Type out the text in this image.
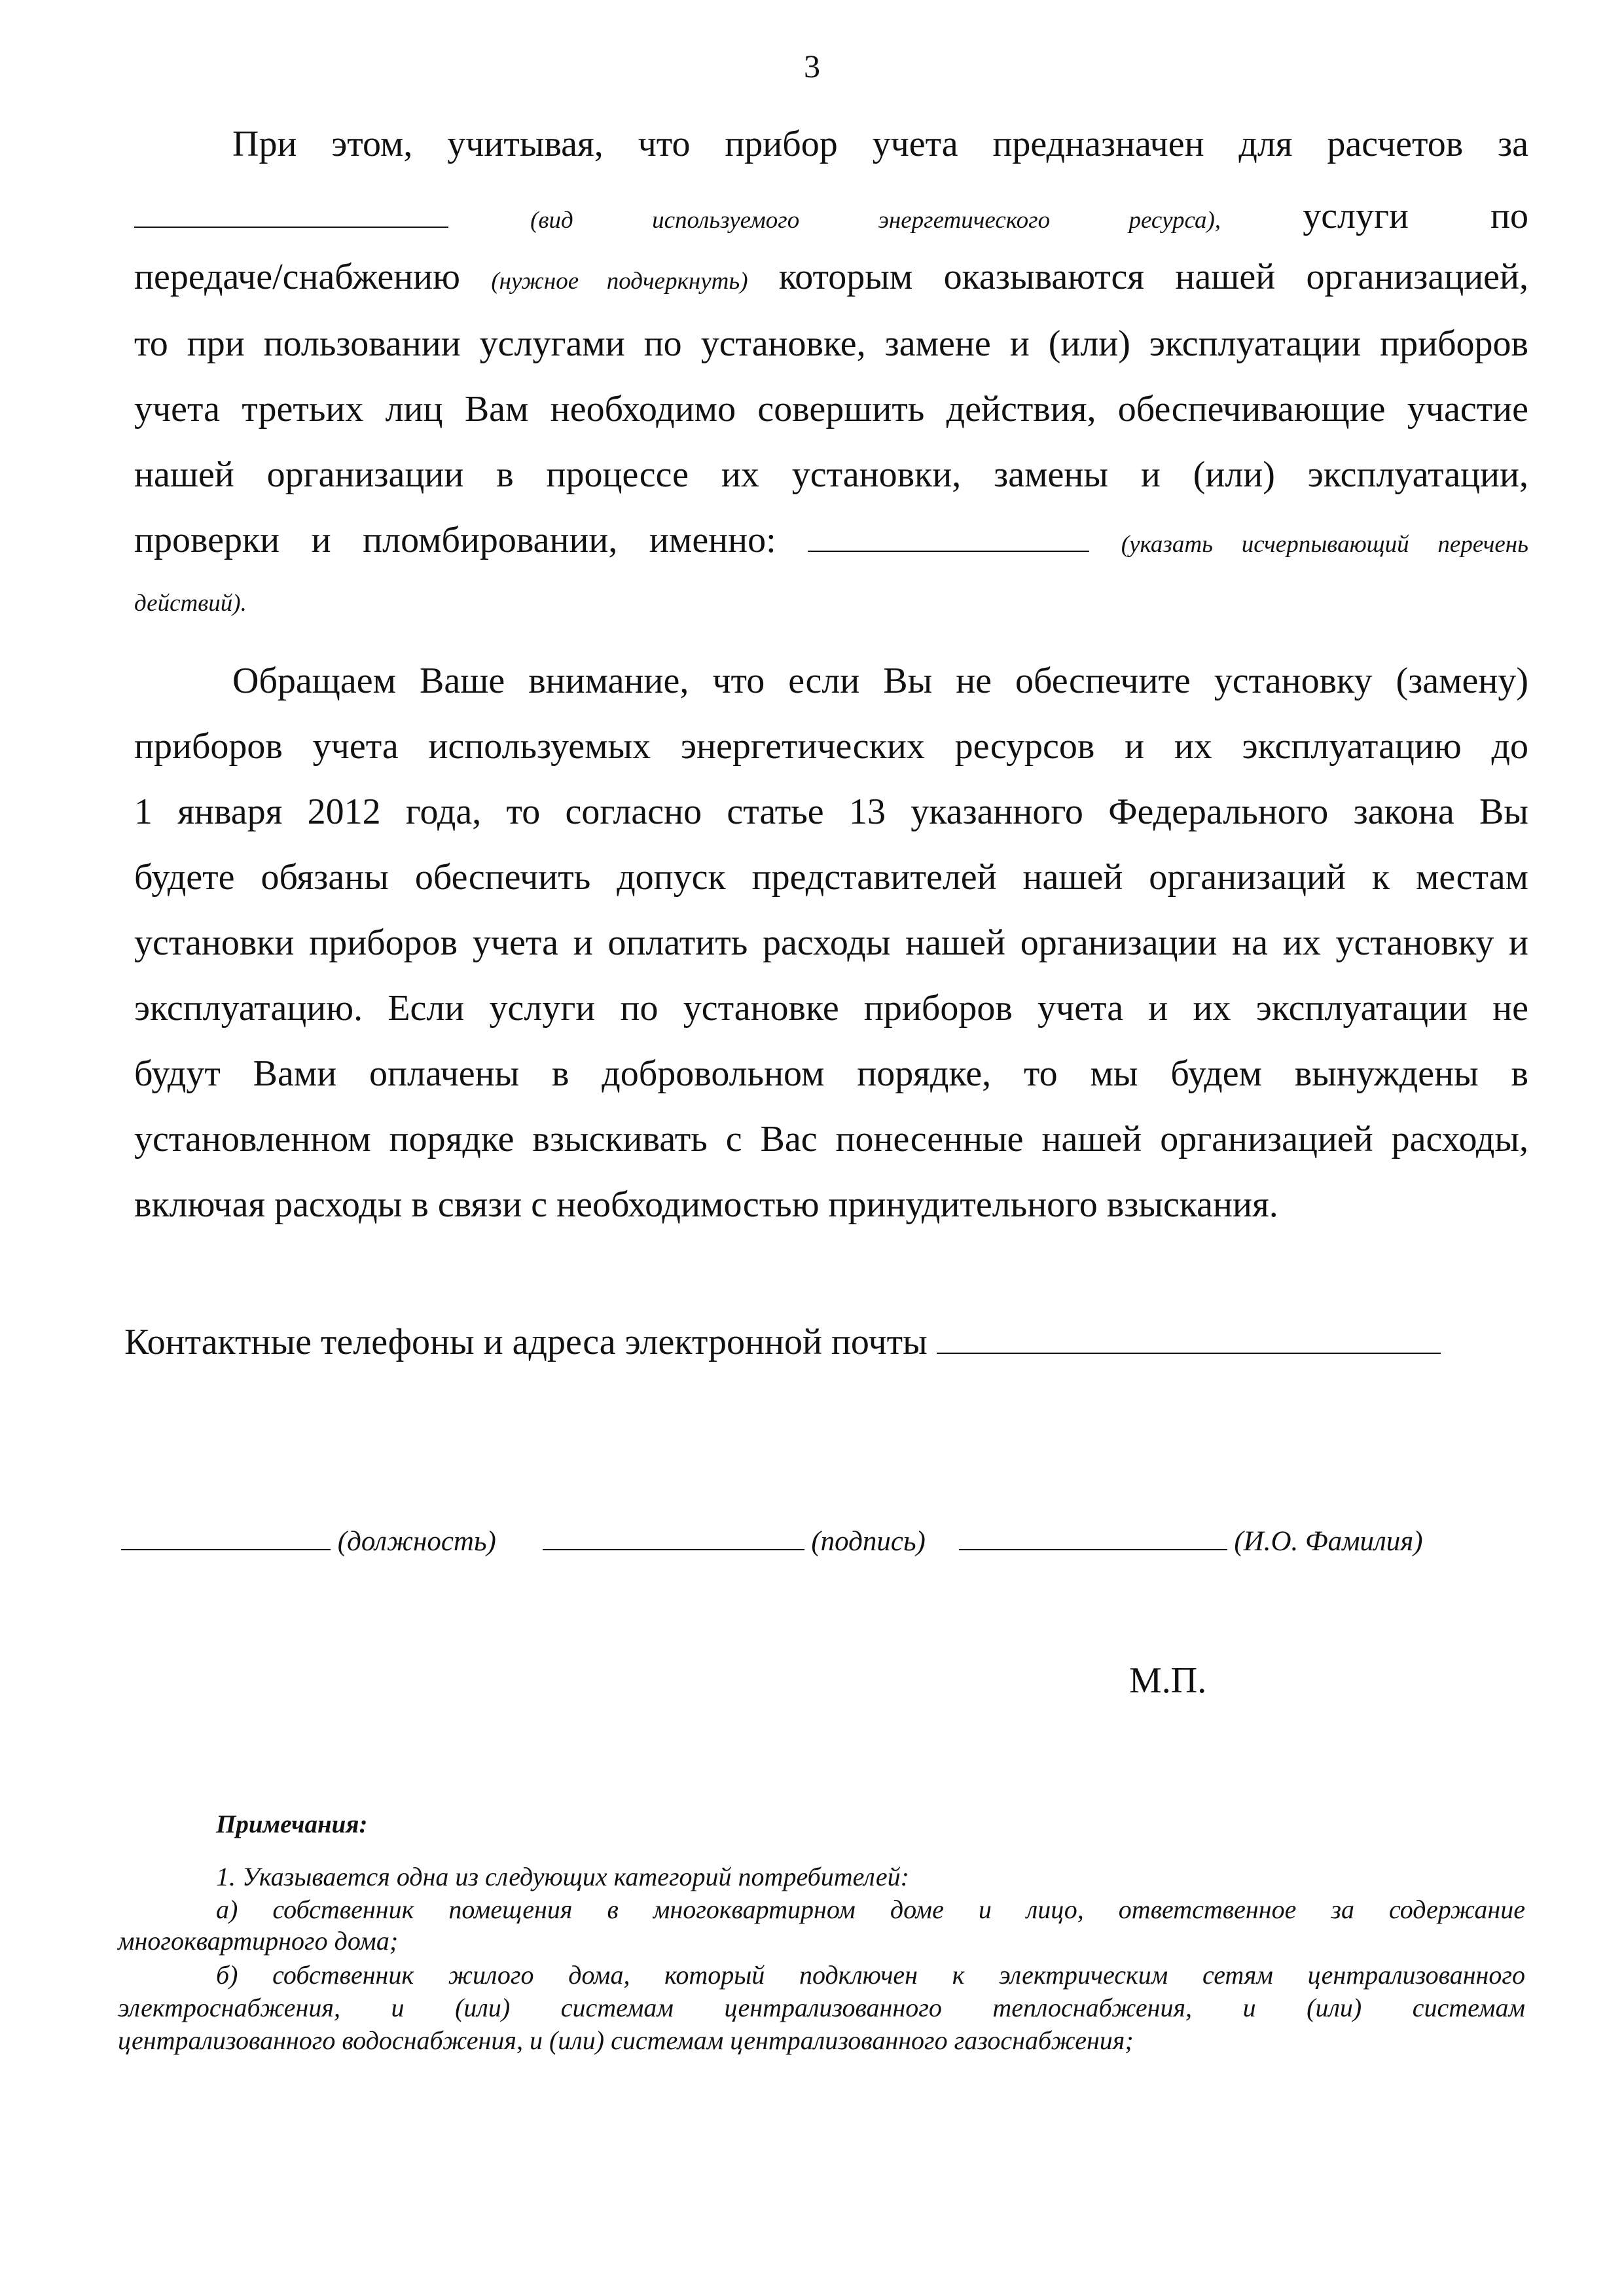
3
При этом, учитывая, что прибор учета предназначен для расчетов за
(вид используемого энергетического ресурса), услуги по
передаче/снабжению (нужное подчеркнуть) которым оказываются нашей организацией,
то при пользовании услугами по установке, замене и (или) эксплуатации приборов
учета третьих лиц Вам необходимо совершить действия, обеспечивающие участие
нашей организации в процессе их установки, замены и (или) эксплуатации,
проверки и пломбировании, именно:	(указать исчерпывающий перечень
действий).
Обращаем Ваше внимание, что если Вы не обеспечите установку (замену)
приборов учета используемых энергетических ресурсов и их эксплуатацию до
1 января 2012 года, то согласно статье 13 указанного Федерального закона Вы
будете обязаны обеспечить допуск представителей нашей организаций к местам
установки приборов учета и оплатить расходы нашей организации на их установку и
эксплуатацию. Если услуги по установке приборов учета и их эксплуатации не
будут Вами оплачены в добровольном порядке, то мы будем вынуждены в
установленном порядке взыскивать с Вас понесенные нашей организацией расходы,
включая расходы в связи с необходимостью принудительного взыскания.
Контактные телефоны и адреса электронной почты
(должность)	(подпись)	(И.О. Фамилия)
М.П.
Примечания:
1. Указывается одна из следующих категорий потребителей:
а) собственник помещения в многоквартирном доме и лицо, ответственное за содержание
многоквартирного дома;
б) собственник жилого дома, который подключен к электрическим сетям централизованного
электроснабжения, и (или) системам централизованного теплоснабжения, и (или) системам
централизованного водоснабжения, и (или) системам централизованного газоснабжения;
